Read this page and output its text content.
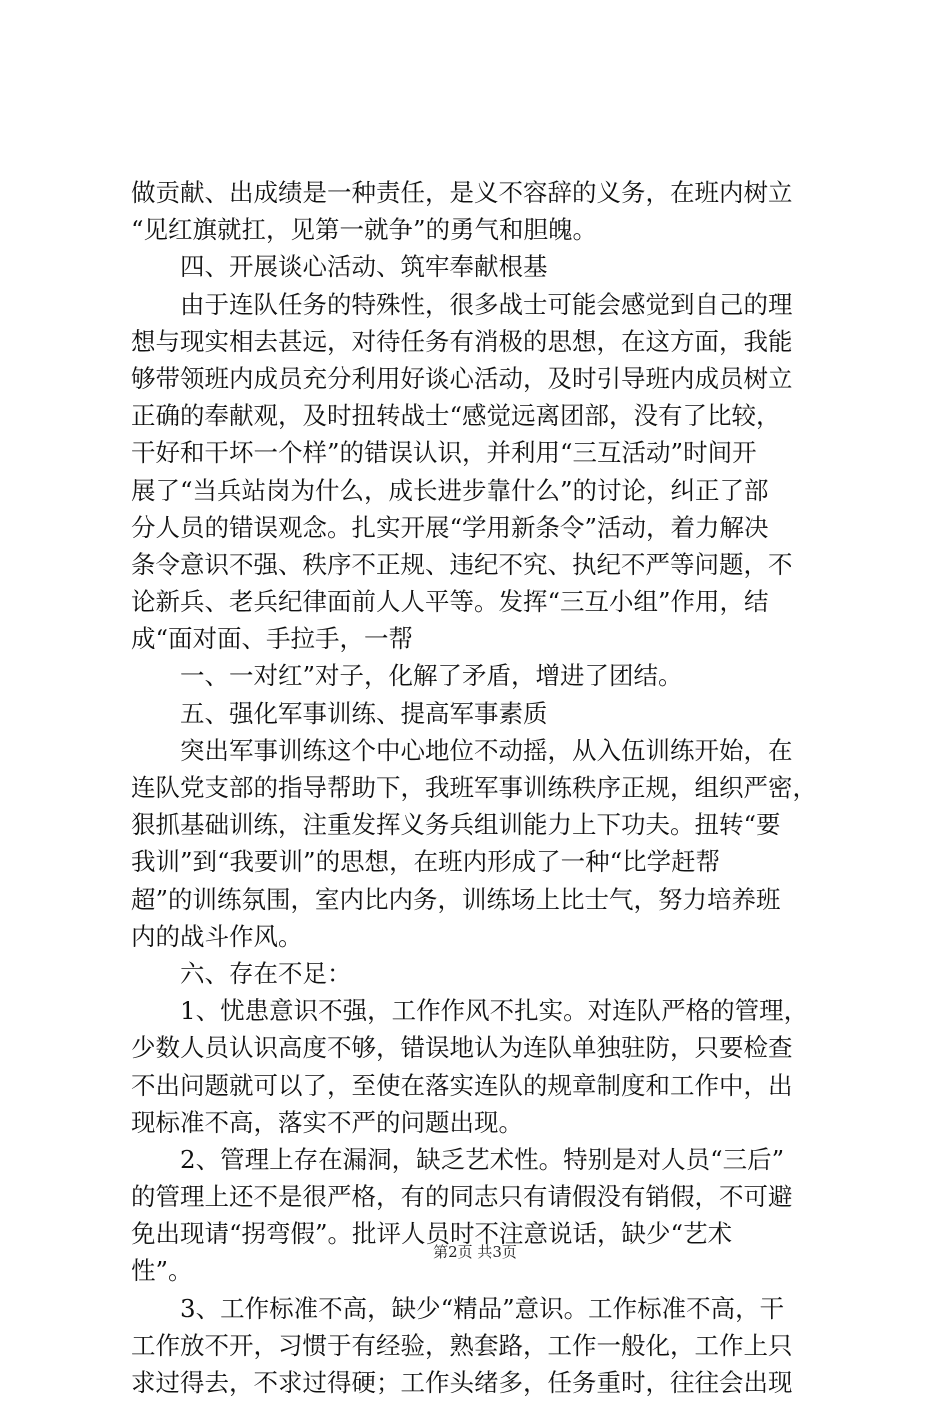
做贡献、出成绩是一种责任，是义不容辞的义务，在班内树立
“见红旗就扛，见第一就争”的勇气和胆魄。
　　四、开展谈心活动、筑牢奉献根基
　　由于连队任务的特殊性，很多战士可能会感觉到自己的理
想与现实相去甚远，对待任务有消极的思想，在这方面，我能
够带领班内成员充分利用好谈心活动，及时引导班内成员树立
正确的奉献观，及时扭转战士“感觉远离团部，没有了比较，
干好和干坏一个样”的错误认识，并利用“三互活动”时间开
展了“当兵站岗为什么，成长进步靠什么”的讨论，纠正了部
分人员的错误观念。扎实开展“学用新条令”活动，着力解决
条令意识不强、秩序不正规、违纪不究、执纪不严等问题，不
论新兵、老兵纪律面前人人平等。发挥“三互小组”作用，结
成“面对面、手拉手，一帮
　　一、一对红”对子，化解了矛盾，增进了团结。
　　五、强化军事训练、提高军事素质
　　突出军事训练这个中心地位不动摇，从入伍训练开始，在
连队党支部的指导帮助下，我班军事训练秩序正规，组织严密，
狠抓基础训练，注重发挥义务兵组训能力上下功夫。扭转“要
我训”到“我要训”的思想，在班内形成了一种“比学赶帮
超”的训练氛围，室内比内务，训练场上比士气，努力培养班
内的战斗作风。
　　六、存在不足：
　　1、忧患意识不强，工作作风不扎实。对连队严格的管理，
少数人员认识高度不够，错误地认为连队单独驻防，只要检查
不出问题就可以了，至使在落实连队的规章制度和工作中，出
现标准不高，落实不严的问题出现。
　　2、管理上存在漏洞，缺乏艺术性。特别是对人员“三后”
的管理上还不是很严格，有的同志只有请假没有销假，不可避
免出现请“拐弯假”。批评人员时不注意说话，缺少“艺术
性”。
　　3、工作标准不高，缺少“精品”意识。工作标准不高，干
工作放不开，习惯于有经验，熟套路，工作一般化，工作上只
求过得去，不求过得硬；工作头绪多，任务重时，往往会出现
第2页 共3页
